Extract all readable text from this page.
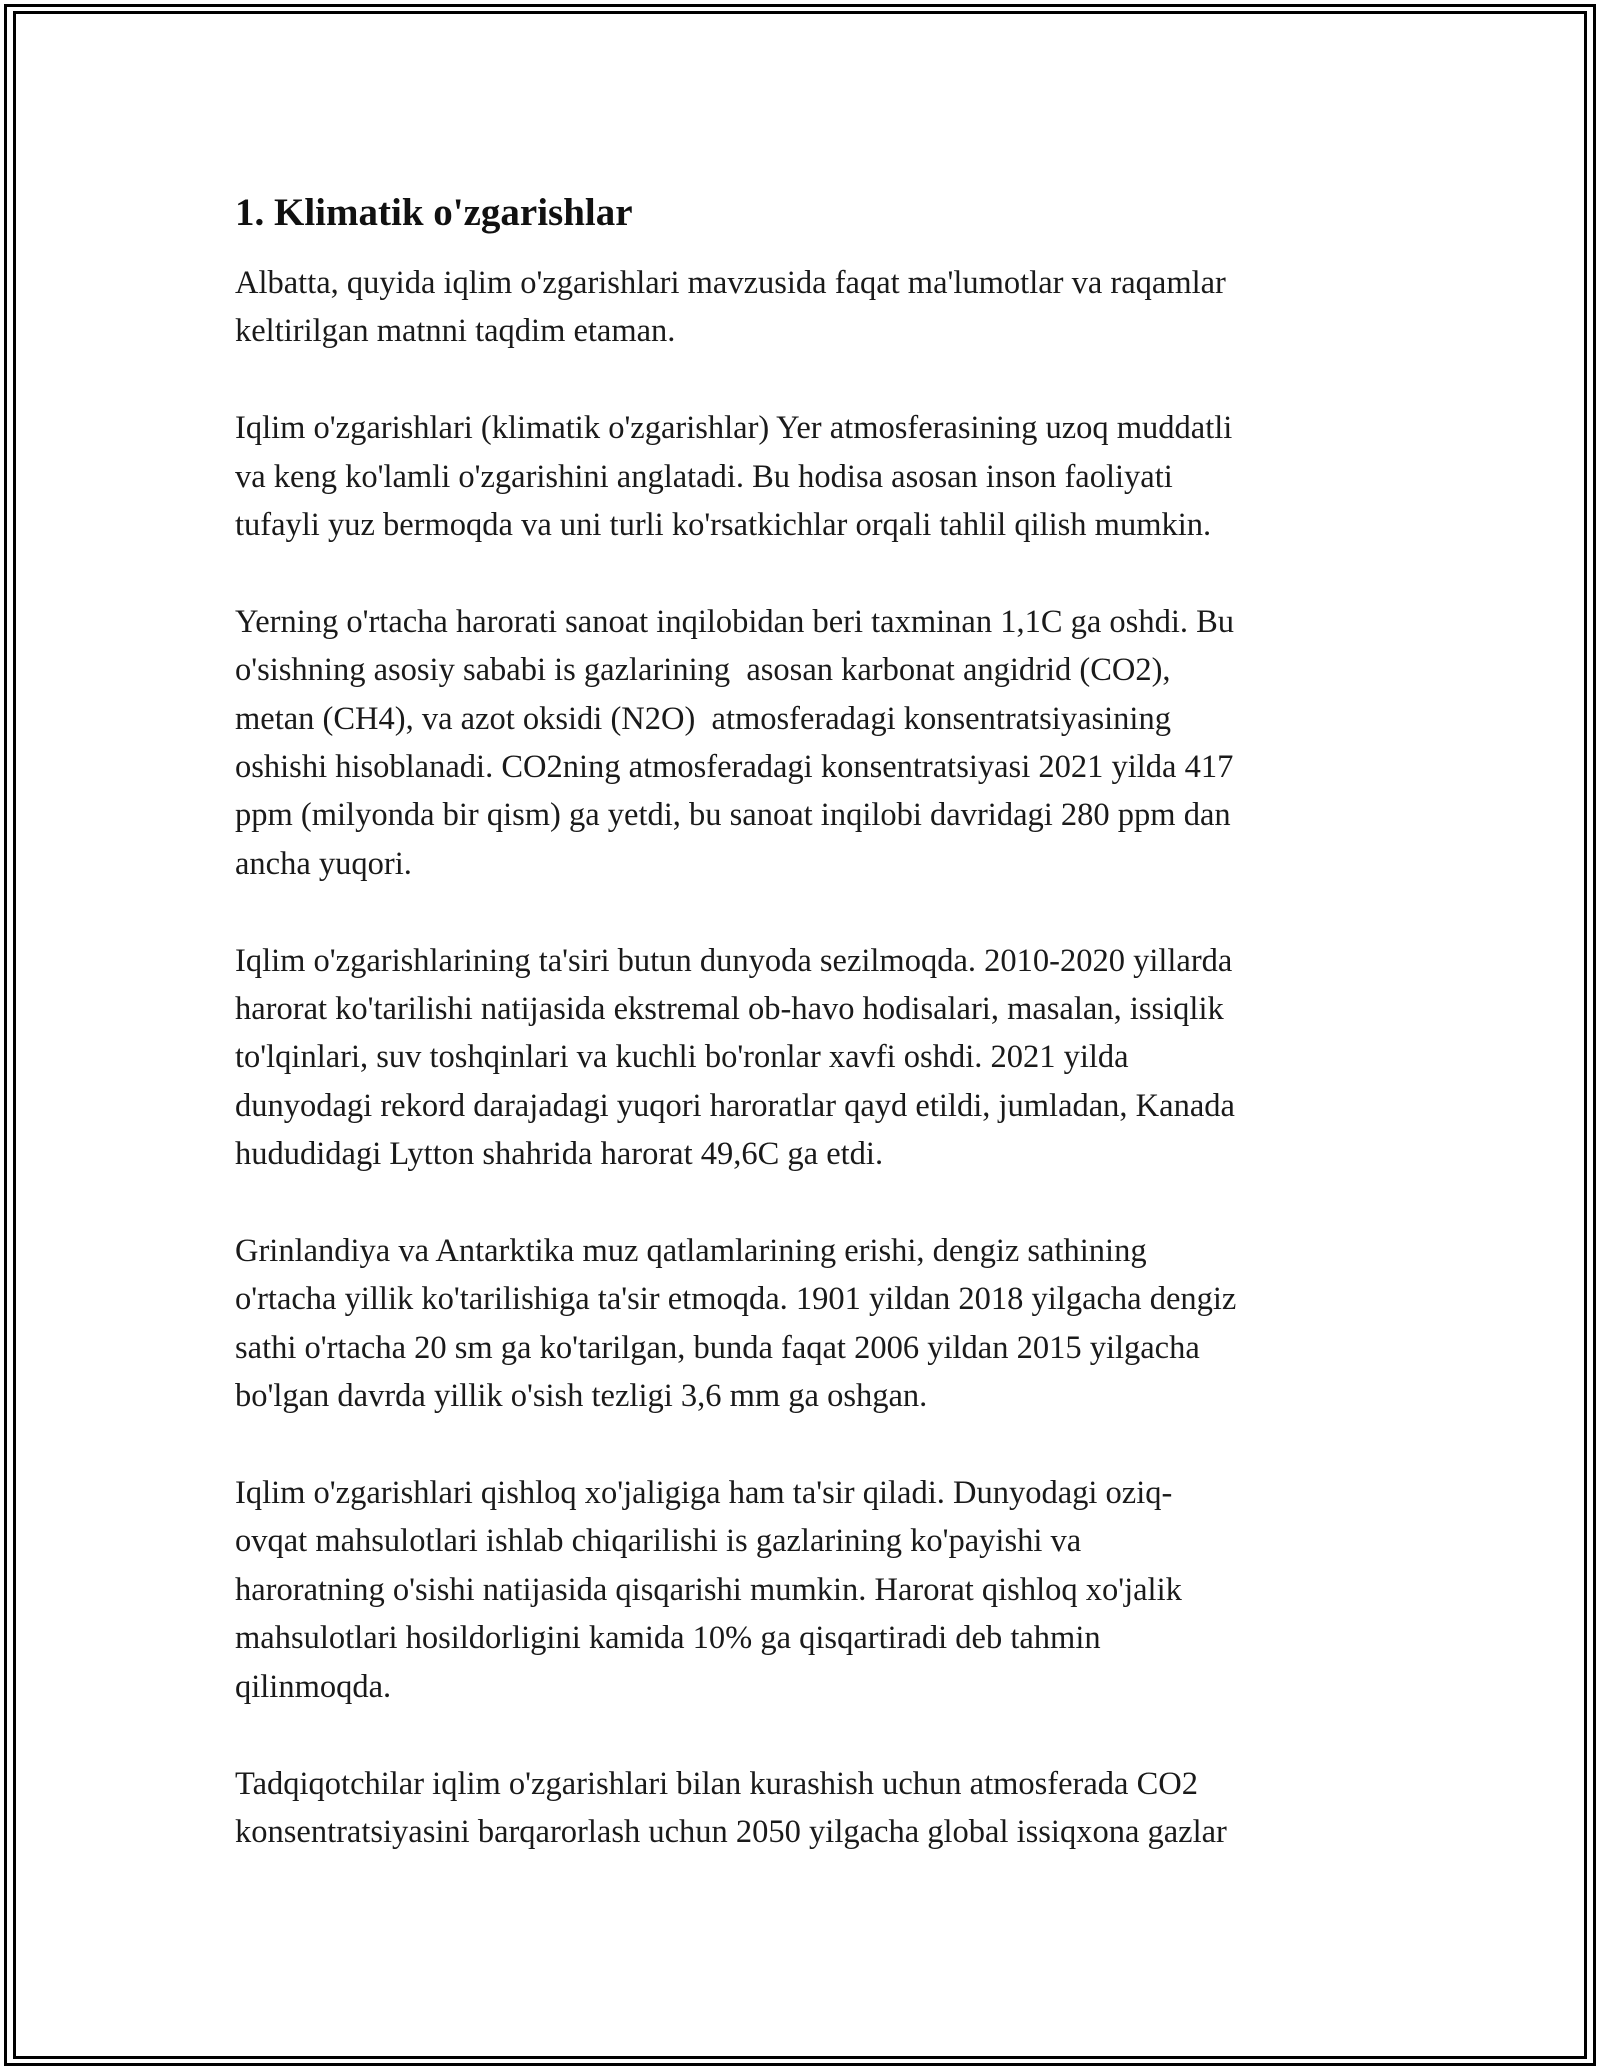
1. Klimatik o'zgarishlar
Albatta, quyida iqlim o'zgarishlari mavzusida faqat ma'lumotlar va raqamlar
keltirilgan matnni taqdim etaman.
Iqlim o'zgarishlari (klimatik o'zgarishlar) Yer atmosferasining uzoq muddatli
va keng ko'lamli o'zgarishini anglatadi. Bu hodisa asosan inson faoliyati
tufayli yuz bermoqda va uni turli ko'rsatkichlar orqali tahlil qilish mumkin.
Yerning o'rtacha harorati sanoat inqilobidan beri taxminan 1,1C ga oshdi. Bu
o'sishning asosiy sababi is gazlarining  asosan karbonat angidrid (CO2),
metan (CH4), va azot oksidi (N2O)  atmosferadagi konsentratsiyasining
oshishi hisoblanadi. CO2ning atmosferadagi konsentratsiyasi 2021 yilda 417
ppm (milyonda bir qism) ga yetdi, bu sanoat inqilobi davridagi 280 ppm dan
ancha yuqori.
Iqlim o'zgarishlarining ta'siri butun dunyoda sezilmoqda. 2010-2020 yillarda
harorat ko'tarilishi natijasida ekstremal ob-havo hodisalari, masalan, issiqlik
to'lqinlari, suv toshqinlari va kuchli bo'ronlar xavfi oshdi. 2021 yilda
dunyodagi rekord darajadagi yuqori haroratlar qayd etildi, jumladan, Kanada
hududidagi Lytton shahrida harorat 49,6C ga etdi.
Grinlandiya va Antarktika muz qatlamlarining erishi, dengiz sathining
o'rtacha yillik ko'tarilishiga ta'sir etmoqda. 1901 yildan 2018 yilgacha dengiz
sathi o'rtacha 20 sm ga ko'tarilgan, bunda faqat 2006 yildan 2015 yilgacha
bo'lgan davrda yillik o'sish tezligi 3,6 mm ga oshgan.
Iqlim o'zgarishlari qishloq xo'jaligiga ham ta'sir qiladi. Dunyodagi oziq-
ovqat mahsulotlari ishlab chiqarilishi is gazlarining ko'payishi va
haroratning o'sishi natijasida qisqarishi mumkin. Harorat qishloq xo'jalik
mahsulotlari hosildorligini kamida 10% ga qisqartiradi deb tahmin
qilinmoqda.
Tadqiqotchilar iqlim o'zgarishlari bilan kurashish uchun atmosferada CO2
konsentratsiyasini barqarorlash uchun 2050 yilgacha global issiqxona gazlar
